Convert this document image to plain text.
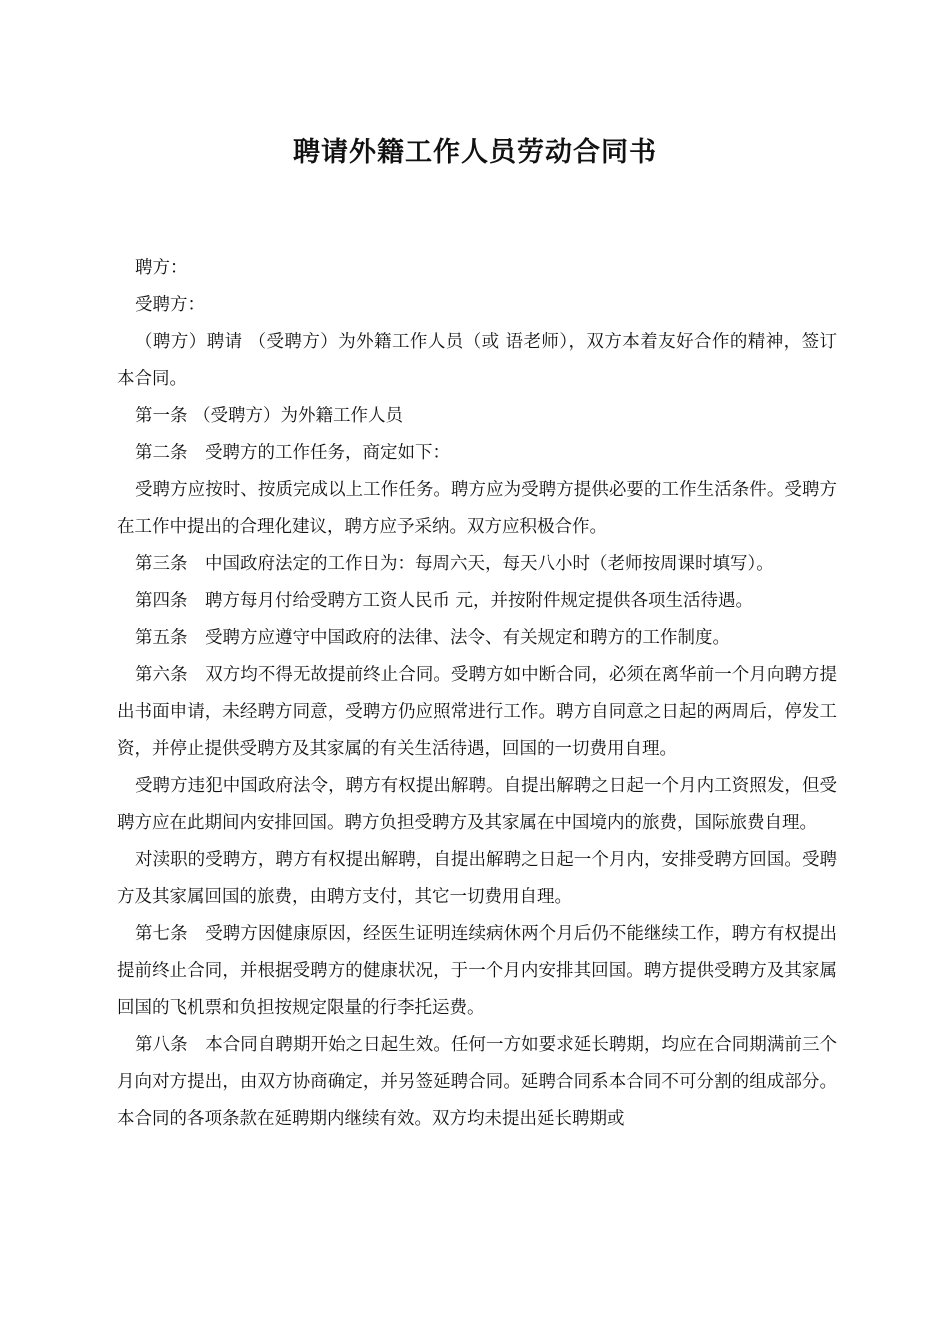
聘请外籍工作人员劳动合同书

聘方：

受聘方：

（聘方）聘请 （受聘方）为外籍工作人员（或 语老师），双方本着友好合作的精神，签订本合同。

第一条 （受聘方）为外籍工作人员

第二条　受聘方的工作任务，商定如下：

受聘方应按时、按质完成以上工作任务。聘方应为受聘方提供必要的工作生活条件。受聘方在工作中提出的合理化建议，聘方应予采纳。双方应积极合作。

第三条　中国政府法定的工作日为：每周六天，每天八小时（老师按周课时填写）。

第四条　聘方每月付给受聘方工资人民币 元，并按附件规定提供各项生活待遇。

第五条　受聘方应遵守中国政府的法律、法令、有关规定和聘方的工作制度。

第六条　双方均不得无故提前终止合同。受聘方如中断合同，必须在离华前一个月向聘方提出书面申请，未经聘方同意，受聘方仍应照常进行工作。聘方自同意之日起的两周后，停发工资，并停止提供受聘方及其家属的有关生活待遇，回国的一切费用自理。

受聘方违犯中国政府法令，聘方有权提出解聘。自提出解聘之日起一个月内工资照发，但受聘方应在此期间内安排回国。聘方负担受聘方及其家属在中国境内的旅费，国际旅费自理。

对渎职的受聘方，聘方有权提出解聘，自提出解聘之日起一个月内，安排受聘方回国。受聘方及其家属回国的旅费，由聘方支付，其它一切费用自理。

第七条　受聘方因健康原因，经医生证明连续病休两个月后仍不能继续工作，聘方有权提出提前终止合同，并根据受聘方的健康状况，于一个月内安排其回国。聘方提供受聘方及其家属回国的飞机票和负担按规定限量的行李托运费。

第八条　本合同自聘期开始之日起生效。任何一方如要求延长聘期，均应在合同期满前三个月向对方提出，由双方协商确定，并另签延聘合同。延聘合同系本合同不可分割的组成部分。本合同的各项条款在延聘期内继续有效。双方均未提出延长聘期或
